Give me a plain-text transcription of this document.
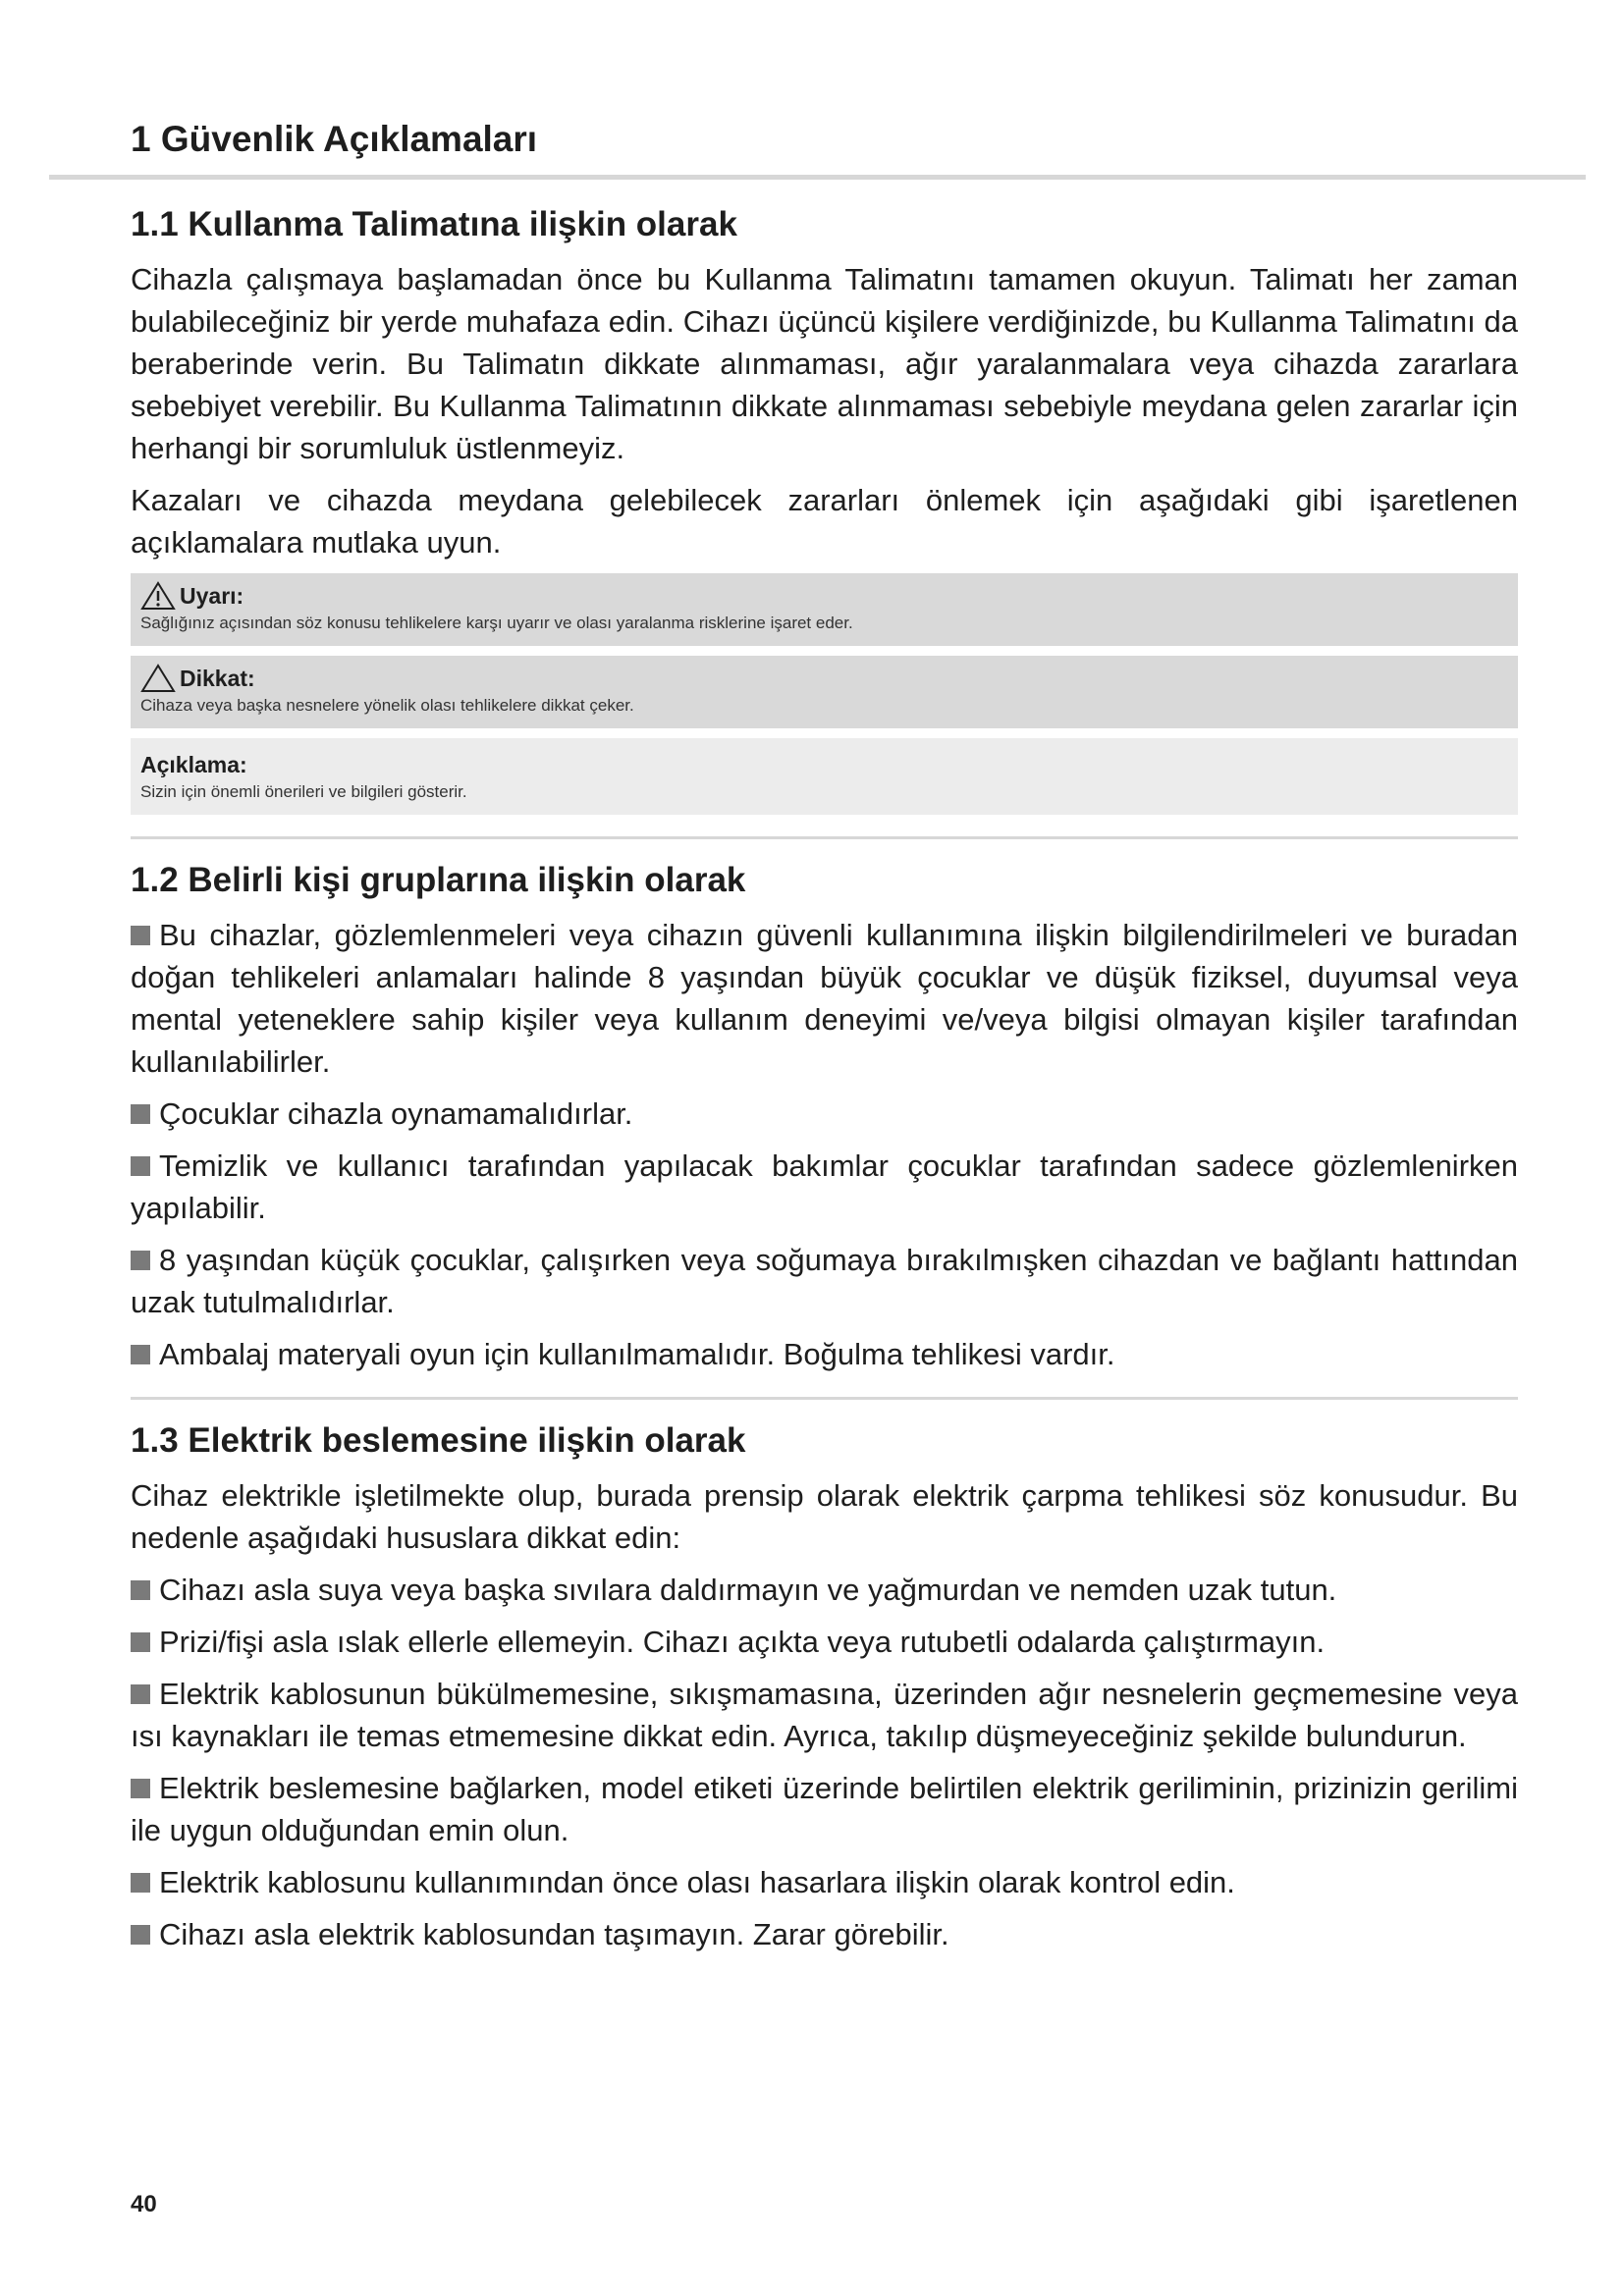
1 Güvenlik Açıklamaları
1.1 Kullanma Talimatına ilişkin olarak

Cihazla çalışmaya başlamadan önce bu Kullanma Talimatını tamamen okuyun. Talimatı her zaman bulabileceğiniz bir yerde muhafaza edin. Cihazı üçüncü kişilere verdiğinizde, bu Kullanma Talimatını da beraberinde verin. Bu Talimatın dikkate alınmaması, ağır yaralanmalara veya cihazda zararlara sebebiyet verebilir. Bu Kullanma Talimatının dikkate alınmaması sebebiyle meydana gelen zararlar için herhangi bir sorumluluk üstlenmeyiz.

Kazaları ve cihazda meydana gelebilecek zararları önlemek için aşağıdaki gibi işaretlenen açıklamalara mutlaka uyun.

Uyarı:
Sağlığınız açısından söz konusu tehlikelere karşı uyarır ve olası yaralanma risklerine işaret eder.
Dikkat:
Cihaza veya başka nesnelere yönelik olası tehlikelere dikkat çeker.
Açıklama:
Sizin için önemli önerileri ve bilgileri gösterir.
1.2 Belirli kişi gruplarına ilişkin olarak
Bu cihazlar, gözlemlenmeleri veya cihazın güvenli kullanımına ilişkin bilgilendirilmeleri ve buradan doğan tehlikeleri anlamaları halinde 8 yaşından büyük çocuklar ve düşük fiziksel, duyumsal veya mental yeteneklere sahip kişiler veya kullanım deneyimi ve/veya bilgisi olmayan kişiler tarafından kullanılabilirler.
Çocuklar cihazla oynamamalıdırlar.
Temizlik ve kullanıcı tarafından yapılacak bakımlar çocuklar tarafından sadece gözlemlenirken yapılabilir.
8 yaşından küçük çocuklar, çalışırken veya soğumaya bırakılmışken cihazdan ve bağlantı hattından uzak tutulmalıdırlar.
Ambalaj materyali oyun için kullanılmamalıdır. Boğulma tehlikesi vardır.
1.3 Elektrik beslemesine ilişkin olarak

Cihaz elektrikle işletilmekte olup, burada prensip olarak elektrik çarpma tehlikesi söz konusudur. Bu nedenle aşağıdaki hususlara dikkat edin:

Cihazı asla suya veya başka sıvılara daldırmayın ve yağmurdan ve nemden uzak tutun.
Prizi/fişi asla ıslak ellerle ellemeyin. Cihazı açıkta veya rutubetli odalarda çalıştırmayın.
Elektrik kablosunun bükülmemesine, sıkışmamasına, üzerinden ağır nesnelerin geçmemesine veya ısı kaynakları ile temas etmemesine dikkat edin. Ayrıca, takılıp düşmeyeceğiniz şekilde bulundurun.
Elektrik beslemesine bağlarken, model etiketi üzerinde belirtilen elektrik geriliminin, prizinizin gerilimi ile uygun olduğundan emin olun.
Elektrik kablosunu kullanımından önce olası hasarlara ilişkin olarak kontrol edin.
Cihazı asla elektrik kablosundan taşımayın. Zarar görebilir.
40
